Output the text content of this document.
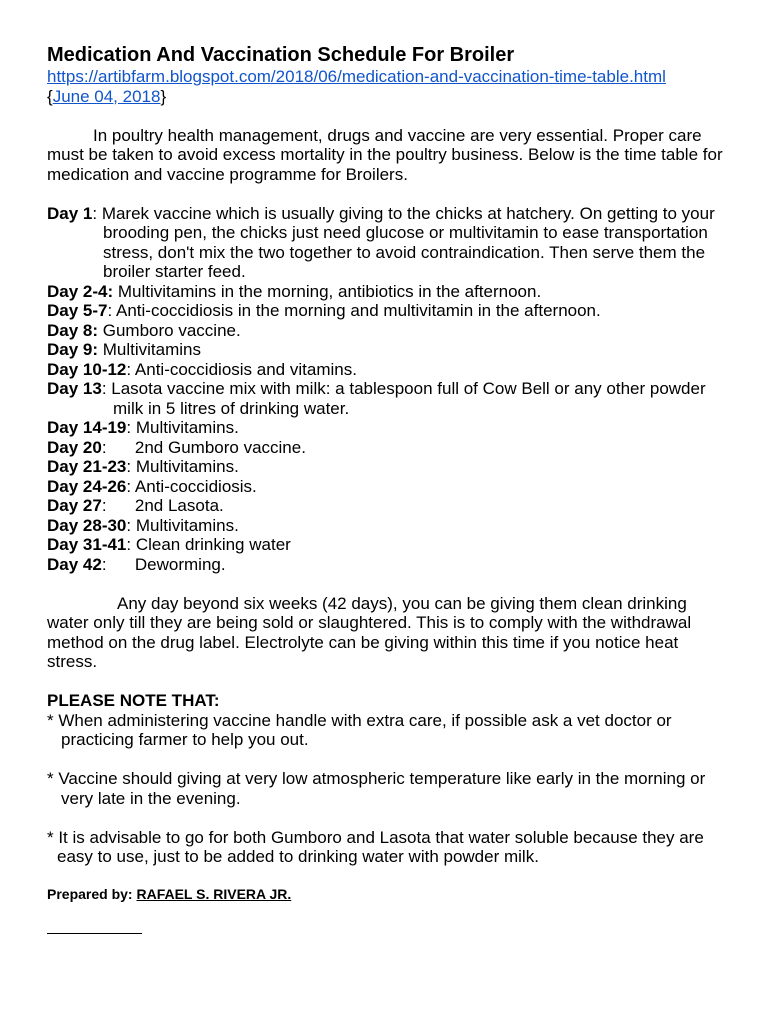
Medication And Vaccination Schedule For Broiler

https://artibfarm.blogspot.com/2018/06/medication-and-vaccination-time-table.html

{June 04, 2018}

In poultry health management, drugs and vaccine are very essential. Proper care must be taken to avoid excess mortality in the poultry business. Below is the time table for medication and vaccine programme for Broilers.

Day 1: Marek vaccine which is usually giving to the chicks at hatchery. On getting to your brooding pen, the chicks just need glucose or multivitamin to ease transportation stress, don't mix the two together to avoid contraindication. Then serve them the broiler starter feed.

Day 2-4: Multivitamins in the morning, antibiotics in the afternoon.

Day 5-7: Anti-coccidiosis in the morning and multivitamin in the afternoon.

Day 8: Gumboro vaccine.

Day 9: Multivitamins

Day 10-12: Anti-coccidiosis and vitamins.

Day 13: Lasota vaccine mix with milk: a tablespoon full of Cow Bell or any other powder milk in 5 litres of drinking water.

Day 14-19: Multivitamins.

Day 20:      2nd Gumboro vaccine.

Day 21-23: Multivitamins.

Day 24-26: Anti-coccidiosis.

Day 27:      2nd Lasota.

Day 28-30: Multivitamins.

Day 31-41: Clean drinking water

Day 42:      Deworming.

Any day beyond six weeks (42 days), you can be giving them clean drinking water only till they are being sold or slaughtered. This is to comply with the withdrawal method on the drug label. Electrolyte can be giving within this time if you notice heat stress.

PLEASE NOTE THAT:

* When administering vaccine handle with extra care, if possible ask a vet doctor or practicing farmer to help you out.

* Vaccine should giving at very low atmospheric temperature like early in the morning or very late in the evening.

* It is advisable to go for both Gumboro and Lasota that water soluble because they are easy to use, just to be added to drinking water with powder milk.

Prepared by: RAFAEL S. RIVERA JR.
